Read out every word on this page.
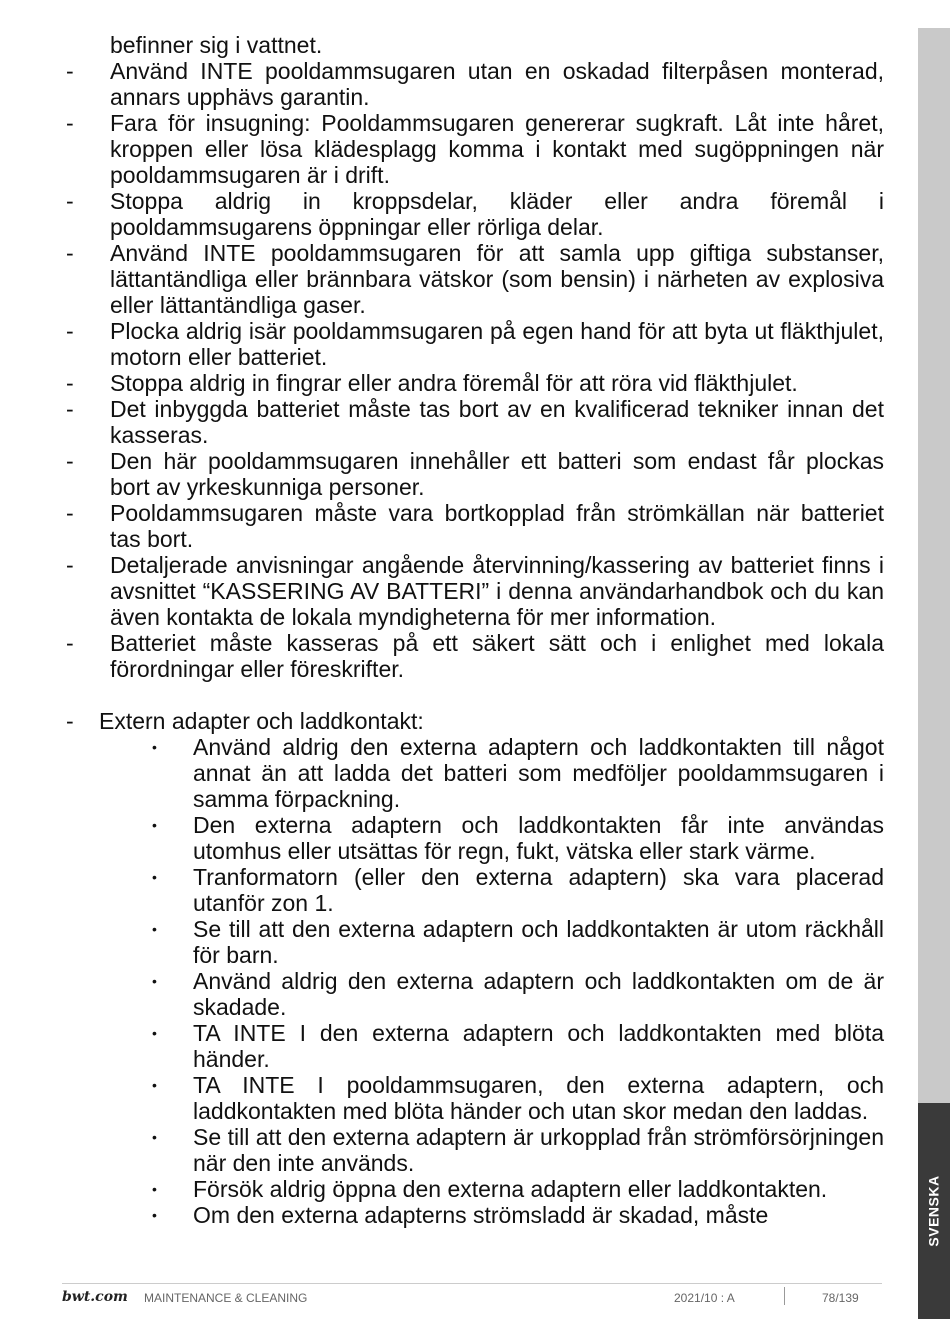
befinner sig i vattnet.
- Använd INTE pooldammsugaren utan en oskadad filterpåsen monterad, annars upphävs garantin.
- Fara för insugning: Pooldammsugaren genererar sugkraft. Låt inte håret, kroppen eller lösa klädesplagg komma i kontakt med sugöppningen när pooldammsugaren är i drift.
- Stoppa aldrig in kroppsdelar, kläder eller andra föremål i pooldammsugarens öppningar eller rörliga delar.
- Använd INTE pooldammsugaren för att samla upp giftiga substanser, lättantändliga eller brännbara vätskor (som bensin) i närheten av explosiva eller lättantändliga gaser.
- Plocka aldrig isär pooldammsugaren på egen hand för att byta ut fläkthjulet, motorn eller batteriet.
- Stoppa aldrig in fingrar eller andra föremål för att röra vid fläkthjulet.
- Det inbyggda batteriet måste tas bort av en kvalificerad tekniker innan det kasseras.
- Den här pooldammsugaren innehåller ett batteri som endast får plockas bort av yrkeskunniga personer.
- Pooldammsugaren måste vara bortkopplad från strömkällan när batteriet tas bort.
- Detaljerade anvisningar angående återvinning/kassering av batteriet finns i avsnittet “KASSERING AV BATTERI” i denna användarhandbok och du kan även kontakta de lokala myndigheterna för mer information.
- Batteriet måste kasseras på ett säkert sätt och i enlighet med lokala förordningar eller föreskrifter.
- Extern adapter och laddkontakt:
• Använd aldrig den externa adaptern och laddkontakten till något annat än att ladda det batteri som medföljer pooldammsugaren i samma förpackning.
• Den externa adaptern och laddkontakten får inte användas utomhus eller utsättas för regn, fukt, vätska eller stark värme.
• Tranformatorn (eller den externa adaptern) ska vara placerad utanför zon 1.
• Se till att den externa adaptern och laddkontakten är utom räckhåll för barn.
• Använd aldrig den externa adaptern och laddkontakten om de är skadade.
• TA INTE I den externa adaptern och laddkontakten med blöta händer.
• TA INTE I pooldammsugaren, den externa adaptern, och laddkontakten med blöta händer och utan skor medan den laddas.
• Se till att den externa adaptern är urkopplad från strömförsörjningen när den inte används.
• Försök aldrig öppna den externa adaptern eller laddkontakten.
• Om den externa adapterns strömsladd är skadad, måste	SVENSKA
bwt.com MAINTENANCE & CLEANING	2021/10 : A	78/139
